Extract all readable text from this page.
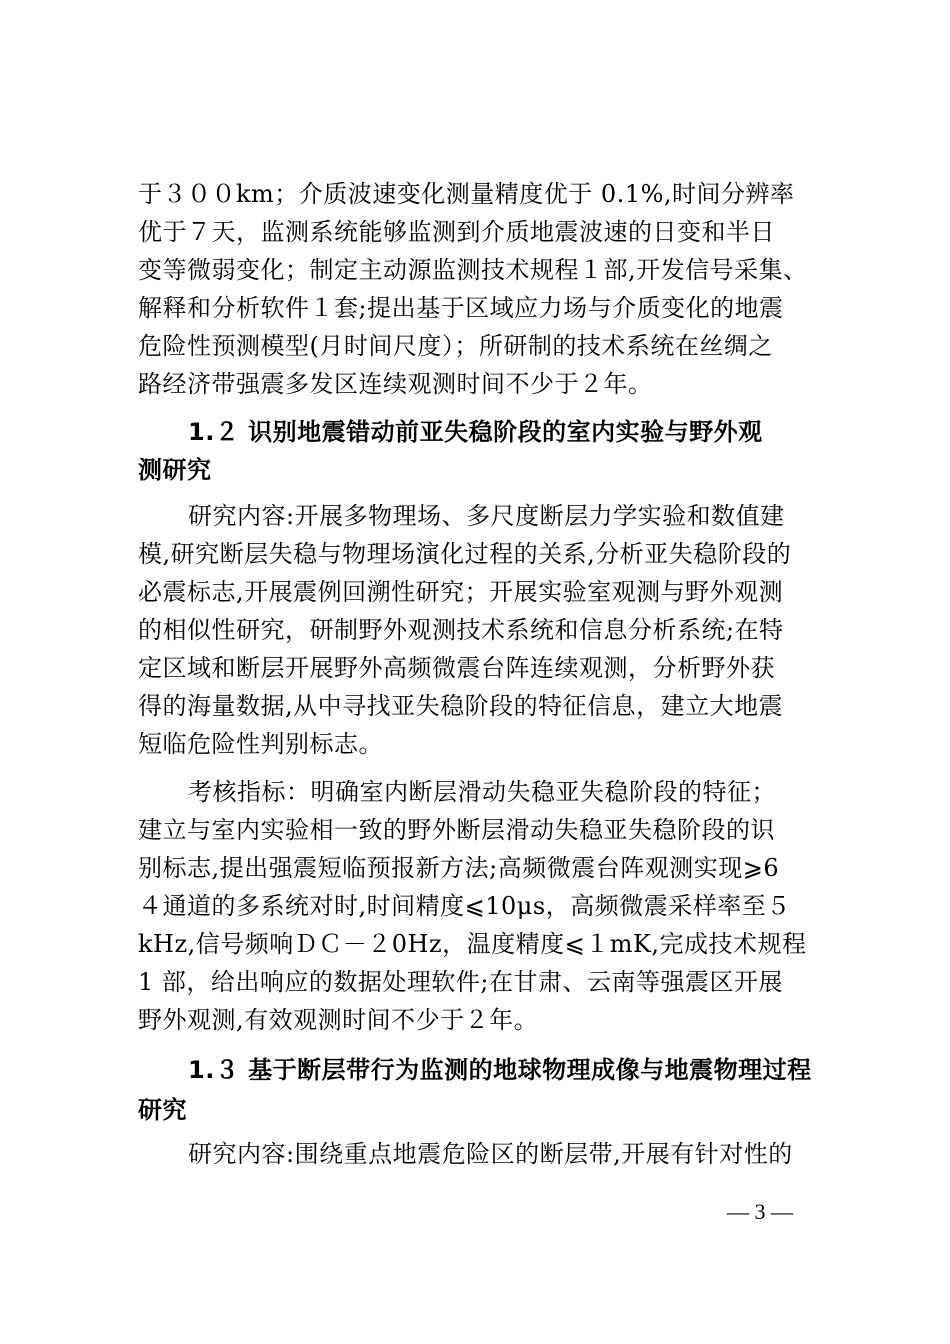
于３００km；介质波速变化测量精度优于 0.1%,时间分辨率
优于７天，监测系统能够监测到介质地震波速的日变和半日
变等微弱变化；制定主动源监测技术规程１部,开发信号采集、
解释和分析软件１套;提出基于区域应力场与介质变化的地震
危险性预测模型(月时间尺度）；所研制的技术系统在丝绸之
路经济带强震多发区连续观测时间不少于２年。
1.２ 识别地震错动前亚失稳阶段的室内实验与野外观
测研究
研究内容:开展多物理场、多尺度断层力学实验和数值建
模,研究断层失稳与物理场演化过程的关系,分析亚失稳阶段的
必震标志,开展震例回溯性研究；开展实验室观测与野外观测
的相似性研究，研制野外观测技术系统和信息分析系统;在特
定区域和断层开展野外高频微震台阵连续观测，分析野外获
得的海量数据,从中寻找亚失稳阶段的特征信息，建立大地震
短临危险性判别标志。
考核指标：明确室内断层滑动失稳亚失稳阶段的特征；
建立与室内实验相一致的野外断层滑动失稳亚失稳阶段的识
别标志,提出强震短临预报新方法;高频微震台阵观测实现⩾6
４通道的多系统对时,时间精度⩽10μs，高频微震采样率至５
kHz,信号频响ＤＣ－２0Hz，温度精度⩽１mK,完成技术规程
1 部，给出响应的数据处理软件;在甘肃、云南等强震区开展
野外观测,有效观测时间不少于２年。
1.３ 基于断层带行为监测的地球物理成像与地震物理过程
研究
研究内容:围绕重点地震危险区的断层带,开展有针对性的
— 3 —
